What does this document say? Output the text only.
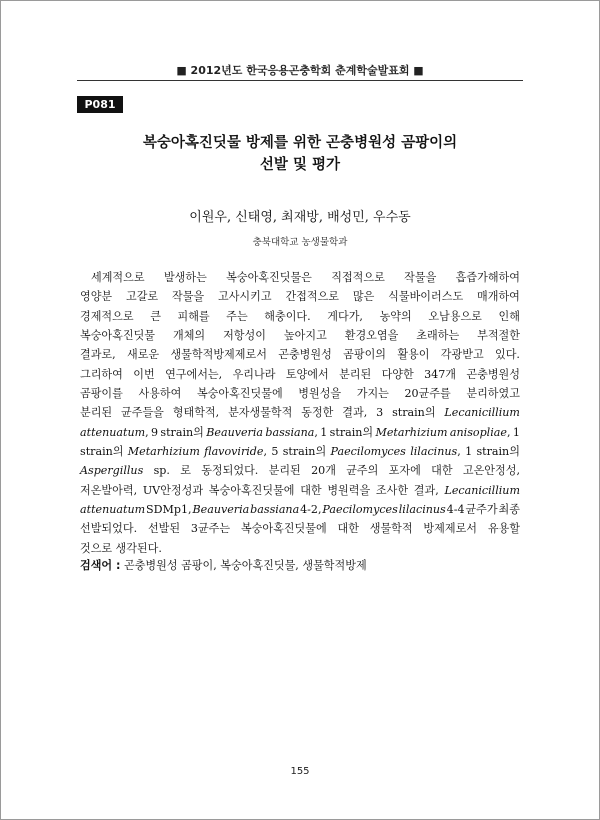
■ 2012년도 한국응용곤충학회 춘계학술발표회 ■
P081
복숭아혹진딧물 방제를 위한 곤충병원성 곰팡이의
선발 및 평가
이원우, 신태영, 최재방, 배성민, 우수동
충북대학교 농생물학과
세계적으로 발생하는 복숭아혹진딧물은 직접적으로 작물을 흡즙가해하여
영양분 고갈로 작물을 고사시키고 간접적으로 많은 식물바이러스도 매개하여
경제적으로 큰 피해를 주는 해충이다. 게다가, 농약의 오남용으로 인해
복숭아혹진딧물 개체의 저항성이 높아지고 환경오염을 초래하는 부적절한
결과로, 새로운 생물학적방제제로서 곤충병원성 곰팡이의 활용이 각광받고 있다.
그리하여 이번 연구에서는, 우리나라 토양에서 분리된 다양한 347개 곤충병원성
곰팡이를 사용하여 복숭아혹진딧물에 병원성을 가지는 20균주를 분리하였고
분리된 균주들을 형태학적, 분자생물학적 동정한 결과, 3 strain의 Lecanicillium
attenuatum, 9 strain의 Beauveria bassiana, 1 strain의 Metarhizium anisopliae, 1
strain의 Metarhizium flavoviride, 5 strain의 Paecilomyces lilacinus, 1 strain의
Aspergillus sp. 로 동정되었다. 분리된 20개 균주의 포자에 대한 고온안정성,
저온발아력, UV안정성과 복숭아혹진딧물에 대한 병원력을 조사한 결과, Lecanicillium
attenuatum SDMp1, Beauveria bassiana 4-2, Paecilomyces lilacinus 4-4 균주가 최종
선발되었다. 선발된 3균주는 복숭아혹진딧물에 대한 생물학적 방제제로서 유용할
것으로 생각된다.
검색어 : 곤충병원성 곰팡이, 복숭아혹진딧물, 생물학적방제
155
